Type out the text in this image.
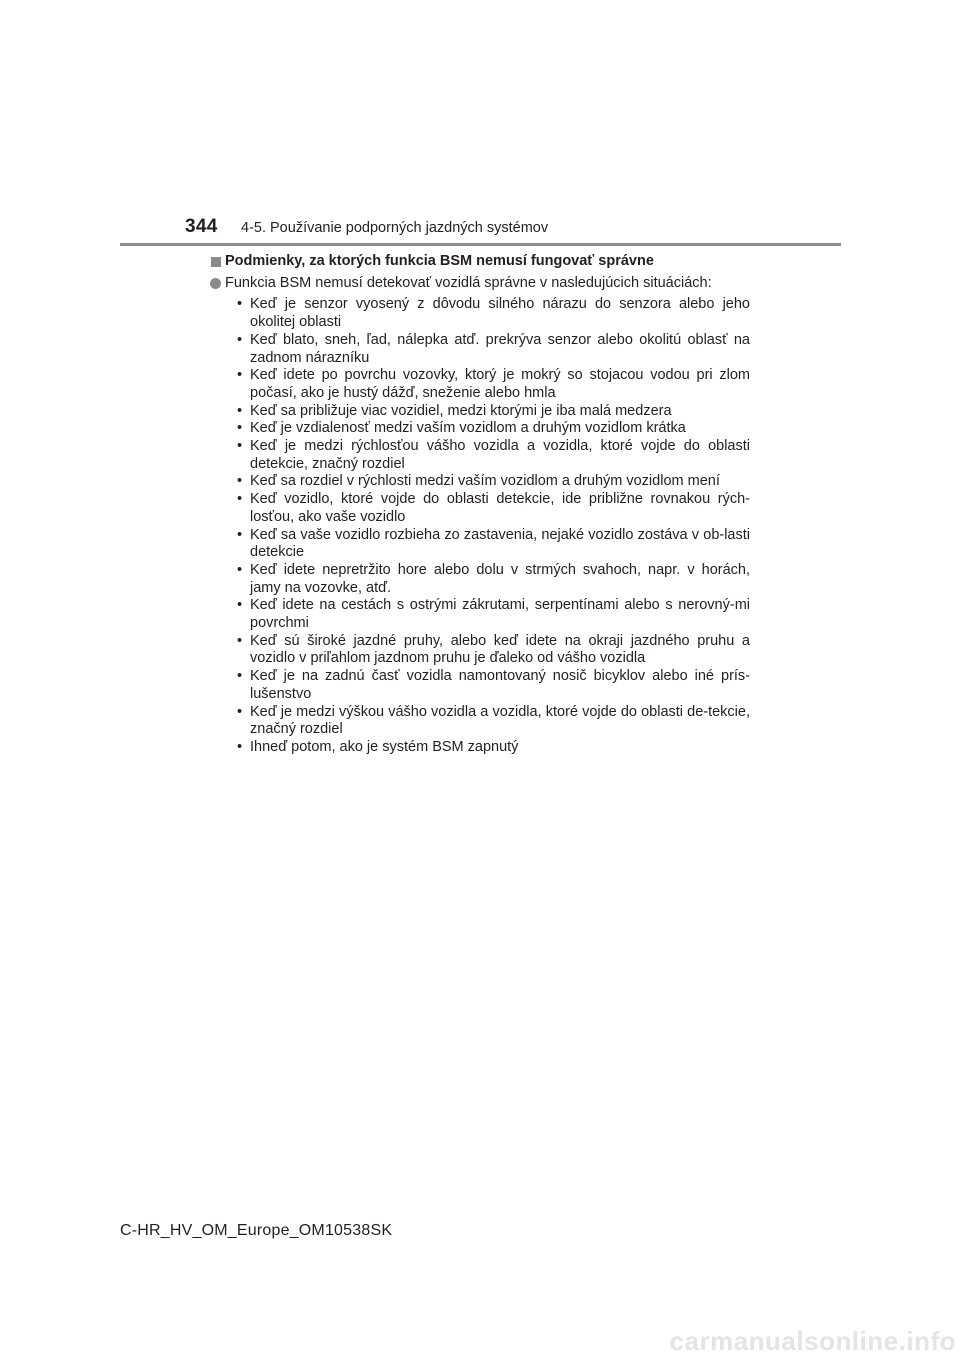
344 4-5. Používanie podporných jazdných systémov
Podmienky, za ktorých funkcia BSM nemusí fungovať správne
Funkcia BSM nemusí detekovať vozidlá správne v nasledujúcich situáciách:
• Keď je senzor vyosený z dôvodu silného nárazu do senzora alebo jeho okolitej oblasti
• Keď blato, sneh, ľad, nálepka atď. prekrýva senzor alebo okolitú oblasť na zadnom nárazníku
• Keď idete po povrchu vozovky, ktorý je mokrý so stojacou vodou pri zlom počasí, ako je hustý dážď, sneženie alebo hmla
• Keď sa približuje viac vozidiel, medzi ktorými je iba malá medzera
• Keď je vzdialenosť medzi vaším vozidlom a druhým vozidlom krátka
• Keď je medzi rýchlosťou vášho vozidla a vozidla, ktoré vojde do oblasti detekcie, značný rozdiel
• Keď sa rozdiel v rýchlosti medzi vaším vozidlom a druhým vozidlom mení
• Keď vozidlo, ktoré vojde do oblasti detekcie, ide približne rovnakou rých-losťou, ako vaše vozidlo
• Keď sa vaše vozidlo rozbieha zo zastavenia, nejaké vozidlo zostáva v ob-lasti detekcie
• Keď idete nepretržito hore alebo dolu v strmých svahoch, napr. v horách, jamy na vozovke, atď.
• Keď idete na cestách s ostrými zákrutami, serpentínami alebo s nerovný-mi povrchmi
• Keď sú široké jazdné pruhy, alebo keď idete na okraji jazdného pruhu a vozidlo v priľahlom jazdnom pruhu je ďaleko od vášho vozidla
• Keď je na zadnú časť vozidla namontovaný nosič bicyklov alebo iné prís-lušenstvo
• Keď je medzi výškou vášho vozidla a vozidla, ktoré vojde do oblasti de-tekcie, značný rozdiel
• Ihneď potom, ako je systém BSM zapnutý
C-HR_HV_OM_Europe_OM10538SK
carmanualsonline.info
